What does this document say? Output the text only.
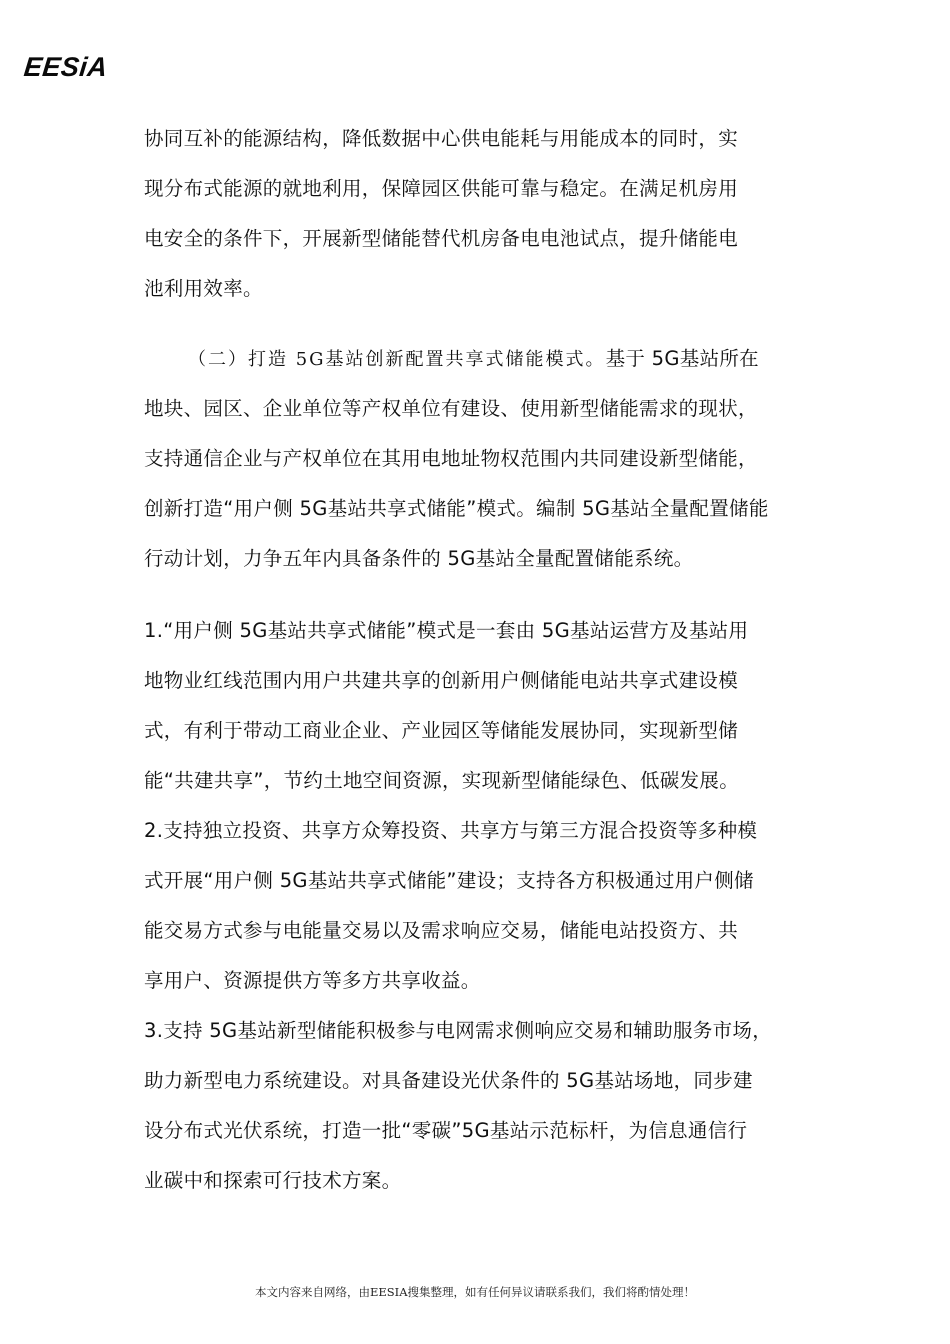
EESiA
协同互补的能源结构，降低数据中心供电能耗与用能成本的同时，实
现分布式能源的就地利用，保障园区供能可靠与稳定。在满足机房用
电安全的条件下，开展新型储能替代机房备电电池试点，提升储能电
池利用效率。
（二）打造 5G基站创新配置共享式储能模式。基于 5G基站所在
地块、园区、企业单位等产权单位有建设、使用新型储能需求的现状，
支持通信企业与产权单位在其用电地址物权范围内共同建设新型储能，
创新打造“用户侧 5G基站共享式储能”模式。编制 5G基站全量配置储能
行动计划，力争五年内具备条件的 5G基站全量配置储能系统。
1.“用户侧 5G基站共享式储能”模式是一套由 5G基站运营方及基站用
地物业红线范围内用户共建共享的创新用户侧储能电站共享式建设模
式，有利于带动工商业企业、产业园区等储能发展协同，实现新型储
能“共建共享”，节约土地空间资源，实现新型储能绿色、低碳发展。
2.支持独立投资、共享方众筹投资、共享方与第三方混合投资等多种模
式开展“用户侧 5G基站共享式储能”建设；支持各方积极通过用户侧储
能交易方式参与电能量交易以及需求响应交易，储能电站投资方、共
享用户、资源提供方等多方共享收益。
3.支持 5G基站新型储能积极参与电网需求侧响应交易和辅助服务市场，
助力新型电力系统建设。对具备建设光伏条件的 5G基站场地，同步建
设分布式光伏系统，打造一批“零碳”5G基站示范标杆，为信息通信行
业碳中和探索可行技术方案。
本文内容来自网络，由EESIA搜集整理，如有任何异议请联系我们，我们将酌情处理！
